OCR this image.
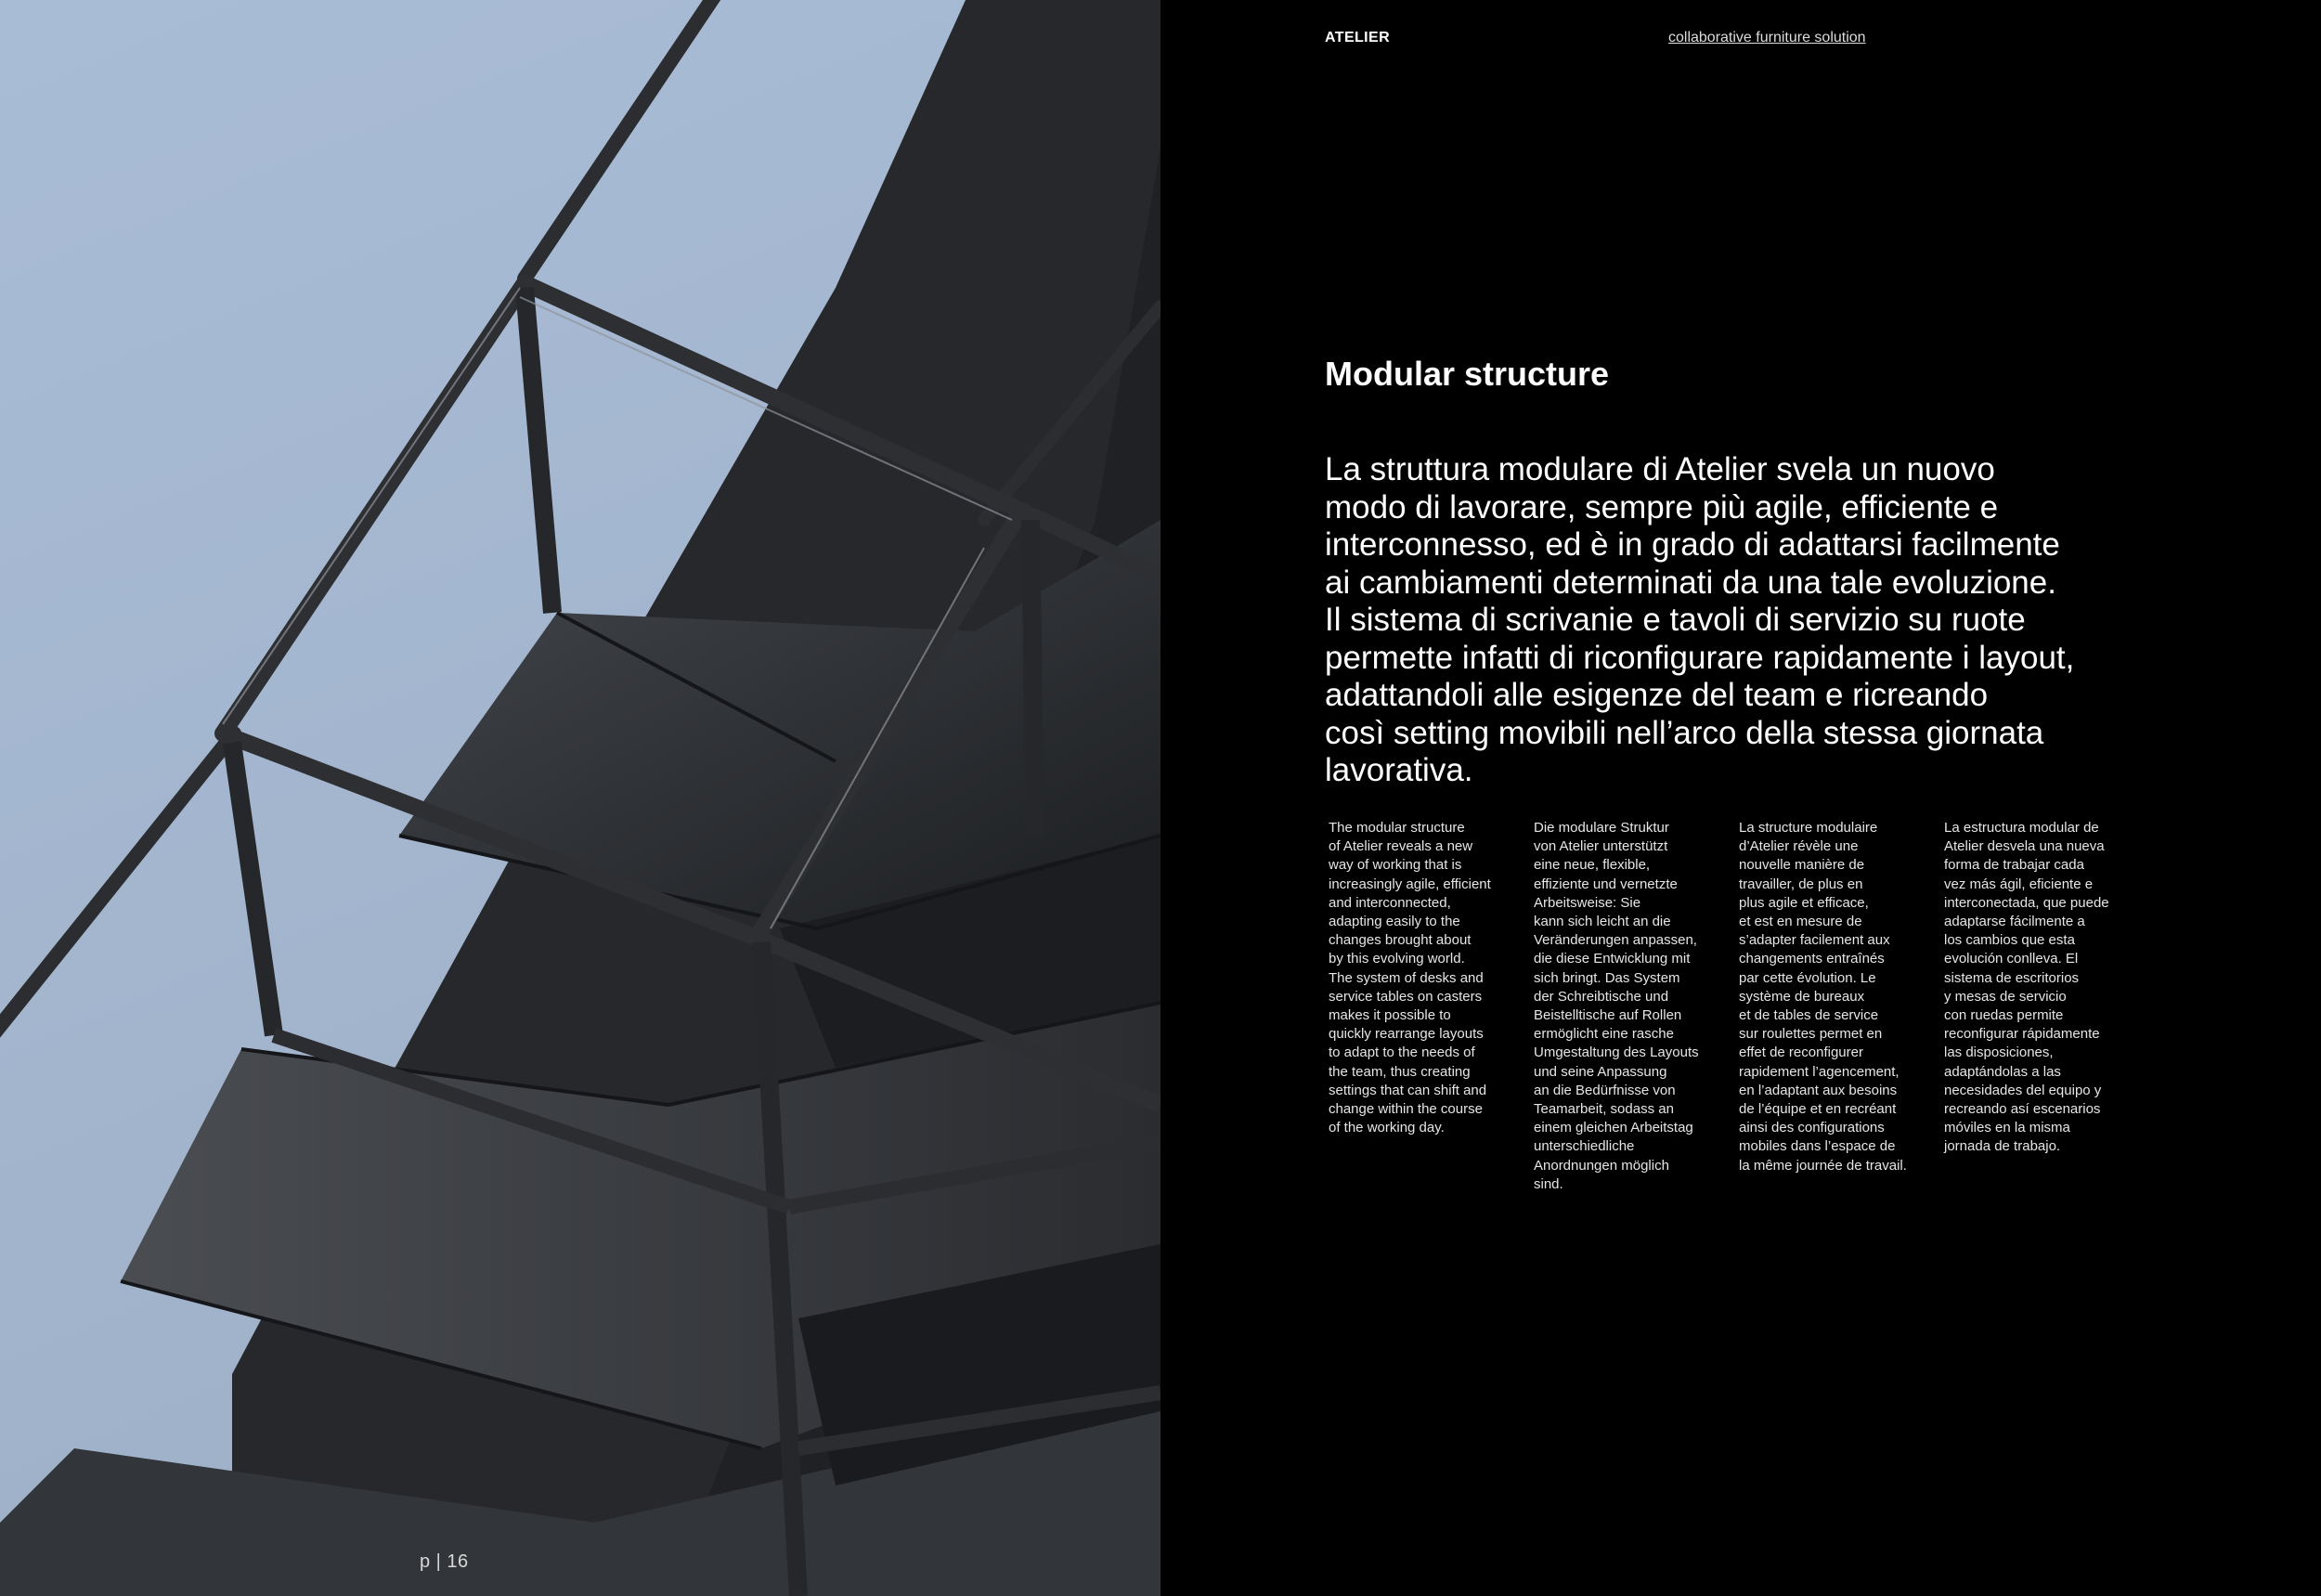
p | 16
ATELIER	collaborative furniture solution
Modular structure

La struttura modulare di Atelier svela un nuovo
modo di lavorare, sempre più agile, efficiente e
interconnesso, ed è in grado di adattarsi facilmente
ai cambiamenti determinati da una tale evoluzione.
Il sistema di scrivanie e tavoli di servizio su ruote
permette infatti di riconfigurare rapidamente i layout,
adattandoli alle esigenze del team e ricreando
così setting movibili nell’arco della stessa giornata
lavorativa.

The modular structure
of Atelier reveals a new
way of working that is
increasingly agile, efficient
and interconnected,
adapting easily to the
changes brought about
by this evolving world.
The system of desks and
service tables on casters
makes it possible to
quickly rearrange layouts
to adapt to the needs of
the team, thus creating
settings that can shift and
change within the course
of the working day.

Die modulare Struktur
von Atelier unterstützt
eine neue, flexible,
effiziente und vernetzte
Arbeitsweise: Sie
kann sich leicht an die
Veränderungen anpassen,
die diese Entwicklung mit
sich bringt. Das System
der Schreibtische und
Beistelltische auf Rollen
ermöglicht eine rasche
Umgestaltung des Layouts
und seine Anpassung
an die Bedürfnisse von
Teamarbeit, sodass an
einem gleichen Arbeitstag
unterschiedliche
Anordnungen möglich
sind.

La structure modulaire
d’Atelier révèle une
nouvelle manière de
travailler, de plus en
plus agile et efficace,
et est en mesure de
s’adapter facilement aux
changements entraînés
par cette évolution. Le
système de bureaux
et de tables de service
sur roulettes permet en
effet de reconfigurer
rapidement l’agencement,
en l’adaptant aux besoins
de l’équipe et en recréant
ainsi des configurations
mobiles dans l’espace de
la même journée de travail.

La estructura modular de
Atelier desvela una nueva
forma de trabajar cada
vez más ágil, eficiente e
interconectada, que puede
adaptarse fácilmente a
los cambios que esta
evolución conlleva. El
sistema de escritorios
y mesas de servicio
con ruedas permite
reconfigurar rápidamente
las disposiciones,
adaptándolas a las
necesidades del equipo y
recreando así escenarios
móviles en la misma
jornada de trabajo.
